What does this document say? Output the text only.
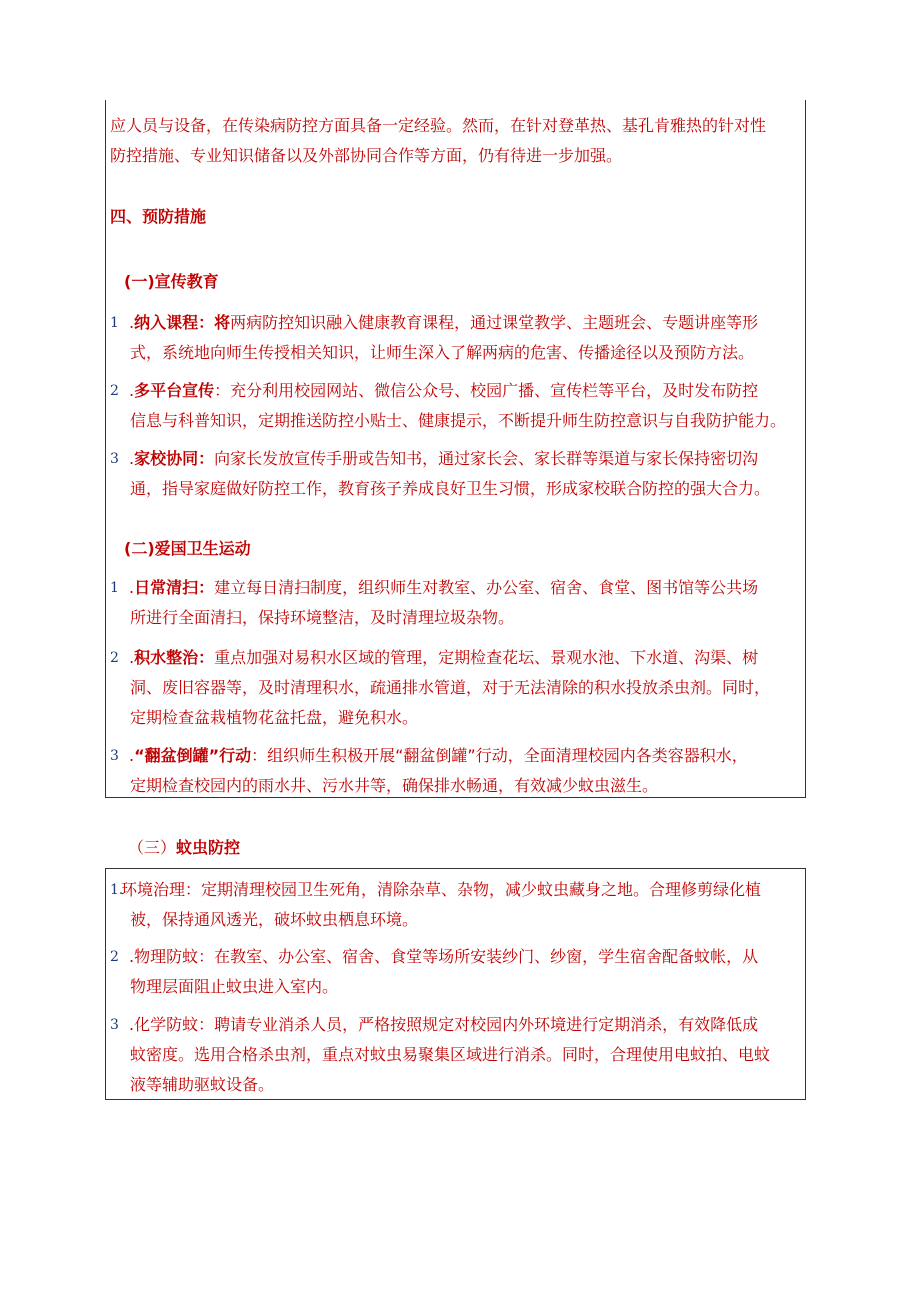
应人员与设备，在传染病防控方面具备一定经验。然而，在针对登革热、基孔肯雅热的针对性
防控措施、专业知识储备以及外部协同合作等方面，仍有待进一步加强。
四、预防措施
(一)宣传教育
1 .纳入课程：将两病防控知识融入健康教育课程，通过课堂教学、主题班会、专题讲座等形
式，系统地向师生传授相关知识，让师生深入了解两病的危害、传播途径以及预防方法。
2 .多平台宣传：充分利用校园网站、微信公众号、校园广播、宣传栏等平台，及时发布防控
信息与科普知识，定期推送防控小贴士、健康提示，不断提升师生防控意识与自我防护能力。
3 .家校协同：向家长发放宣传手册或告知书，通过家长会、家长群等渠道与家长保持密切沟
通，指导家庭做好防控工作，教育孩子养成良好卫生习惯，形成家校联合防控的强大合力。
(二)爱国卫生运动
1 .日常清扫：建立每日清扫制度，组织师生对教室、办公室、宿舍、食堂、图书馆等公共场
所进行全面清扫，保持环境整洁，及时清理垃圾杂物。
2 .积水整治：重点加强对易积水区域的管理，定期检查花坛、景观水池、下水道、沟渠、树
洞、废旧容器等，及时清理积水，疏通排水管道，对于无法清除的积水投放杀虫剂。同时，
定期检查盆栽植物花盆托盘，避免积水。
3 .“翻盆倒罐”行动：组织师生积极开展“翻盆倒罐”行动，全面清理校园内各类容器积水，
定期检查校园内的雨水井、污水井等，确保排水畅通，有效减少蚊虫滋生。
（三）蚊虫防控
1.
环境治理：定期清理校园卫生死角，清除杂草、杂物，减少蚊虫藏身之地。合理修剪绿化植
被，保持通风透光，破坏蚊虫栖息环境。
2 .物理防蚊：在教室、办公室、宿舍、食堂等场所安装纱门、纱窗，学生宿舍配备蚊帐，从
物理层面阻止蚊虫进入室内。
3 .化学防蚊：聘请专业消杀人员，严格按照规定对校园内外环境进行定期消杀，有效降低成
蚊密度。选用合格杀虫剂，重点对蚊虫易聚集区域进行消杀。同时，合理使用电蚊拍、电蚊
液等辅助驱蚊设备。
